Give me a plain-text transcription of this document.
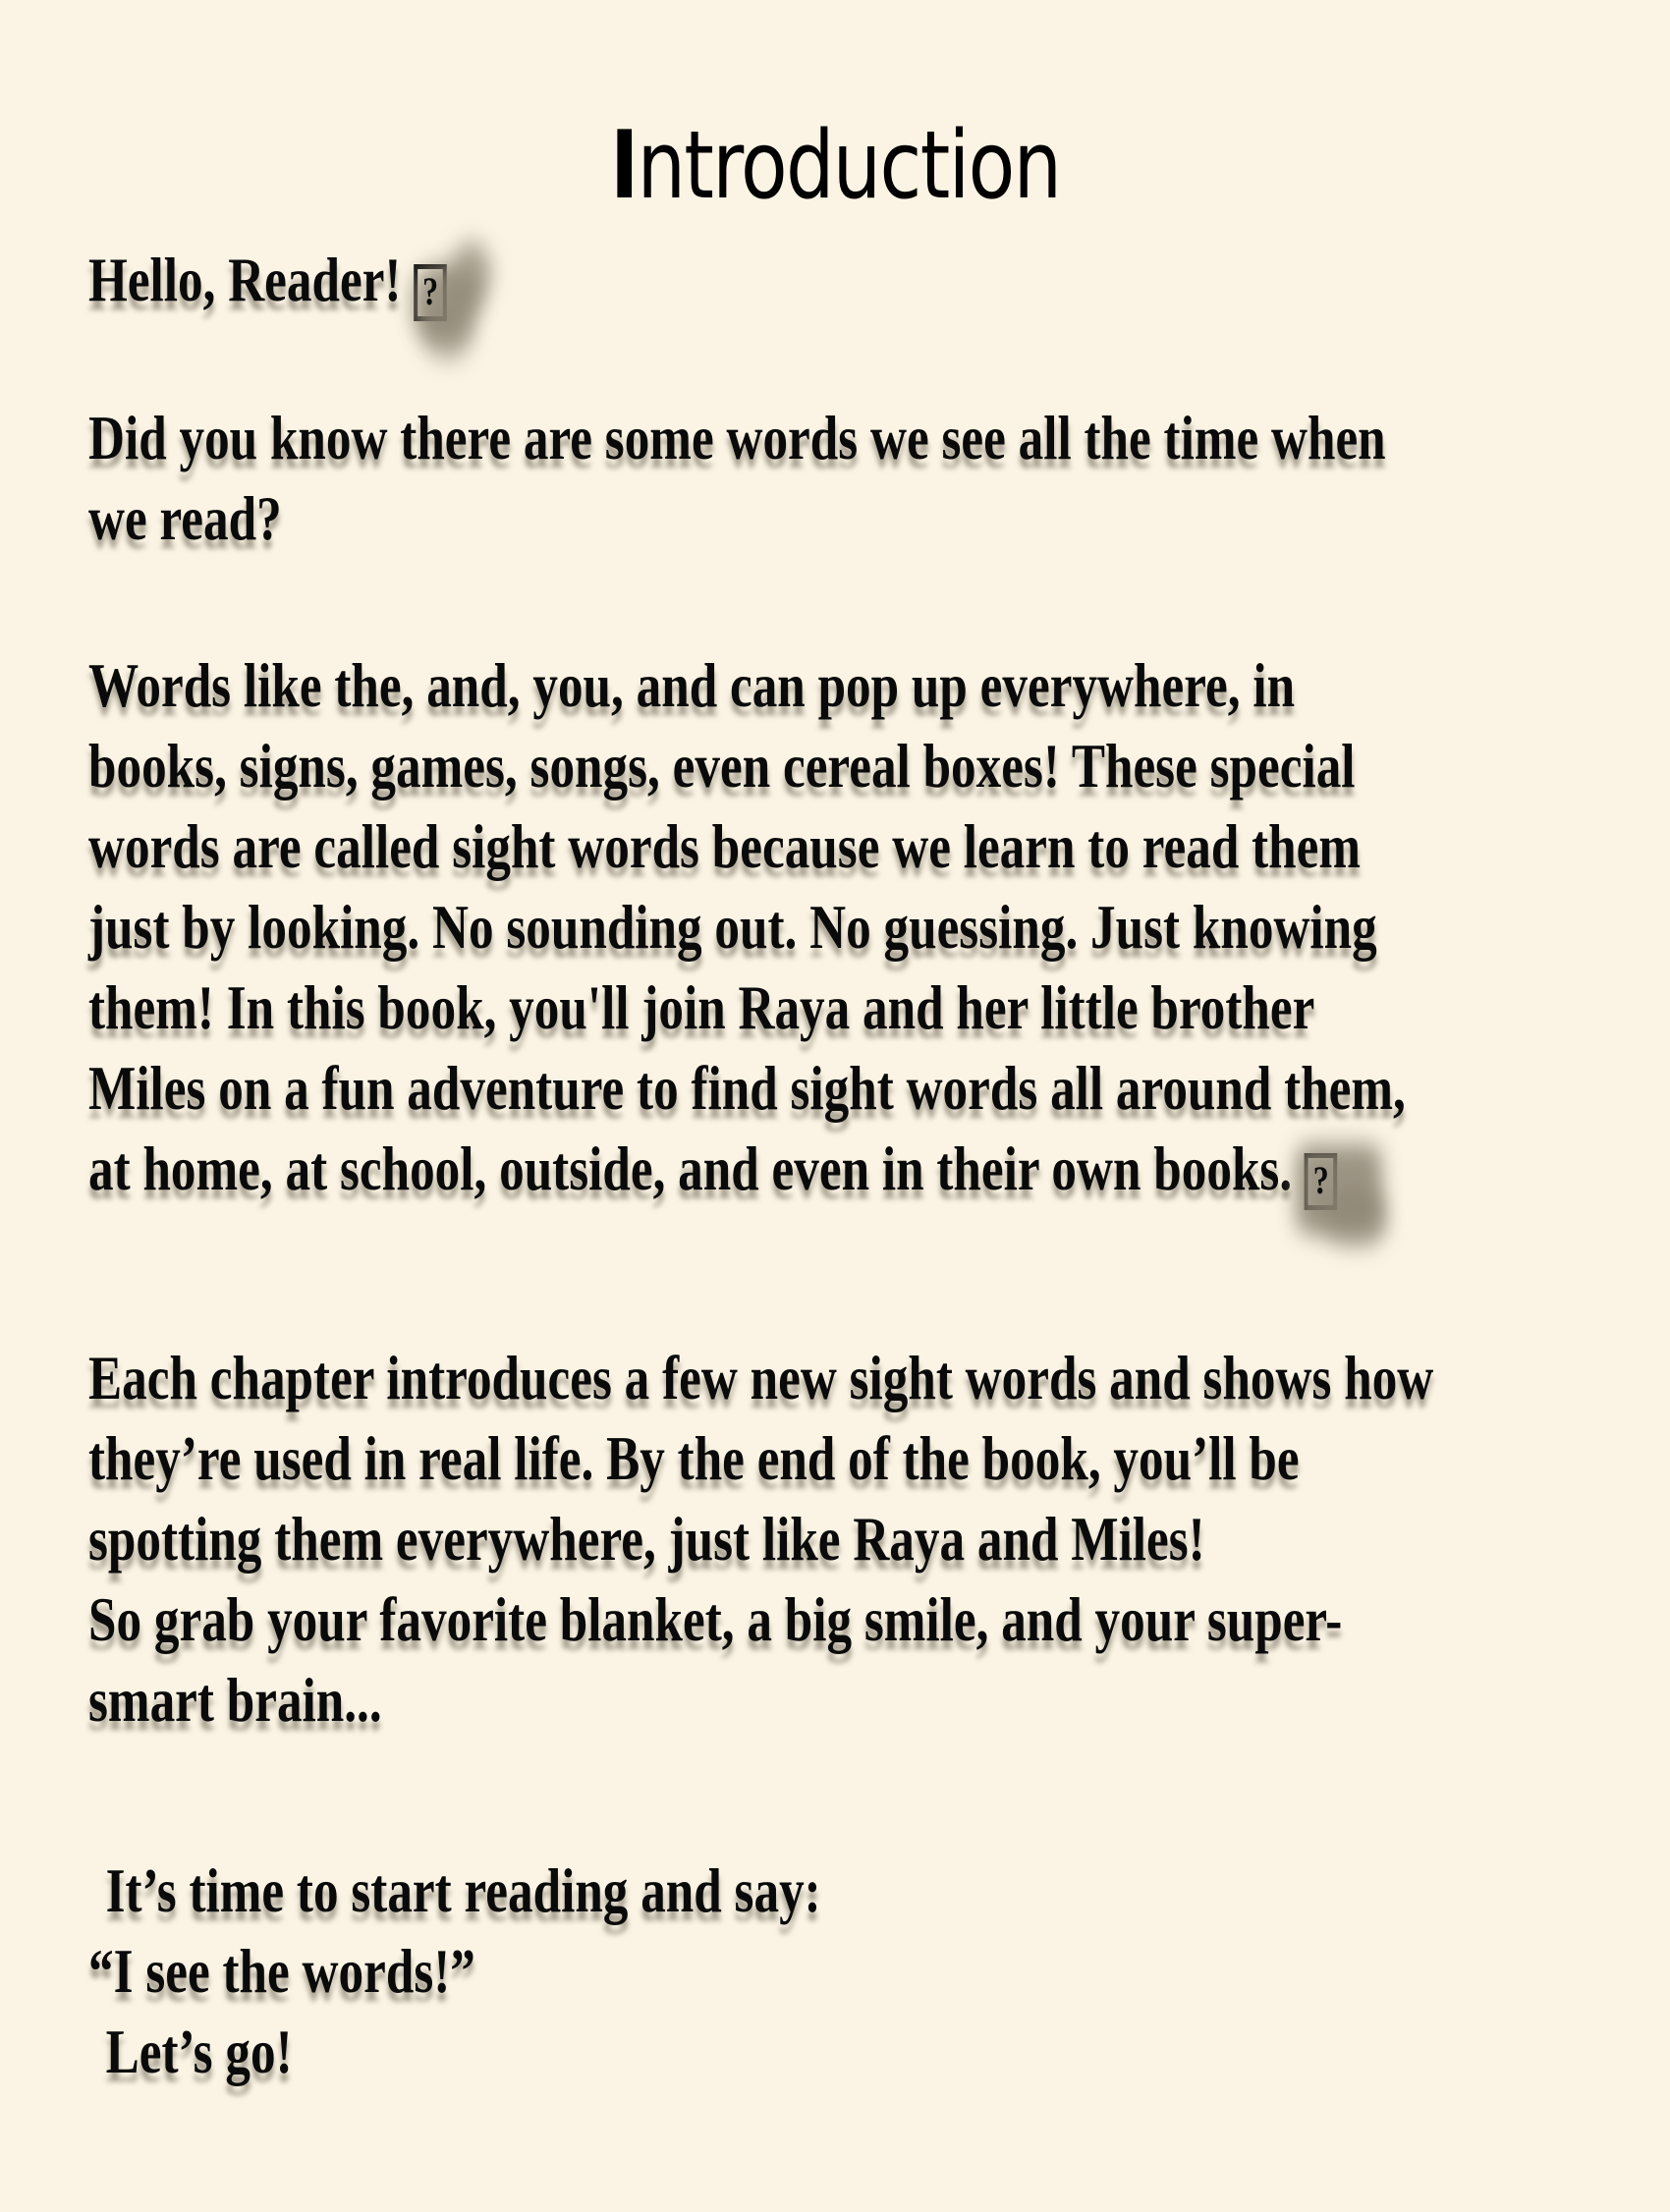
Introduction
Hello, Reader! ?
Did you know there are some words we see all the time when
we read?
Words like the, and, you, and can pop up everywhere, in
books, signs, games, songs, even cereal boxes! These special
words are called sight words because we learn to read them
just by looking. No sounding out. No guessing. Just knowing
them! In this book, you'll join Raya and her little brother
Miles on a fun adventure to find sight words all around them,
at home, at school, outside, and even in their own books. ?
Each chapter introduces a few new sight words and shows how
they’re used in real life. By the end of the book, you’ll be
spotting them everywhere, just like Raya and Miles!
So grab your favorite blanket, a big smile, and your super-
smart brain...
It’s time to start reading and say:
“I see the words!”
Let’s go!
